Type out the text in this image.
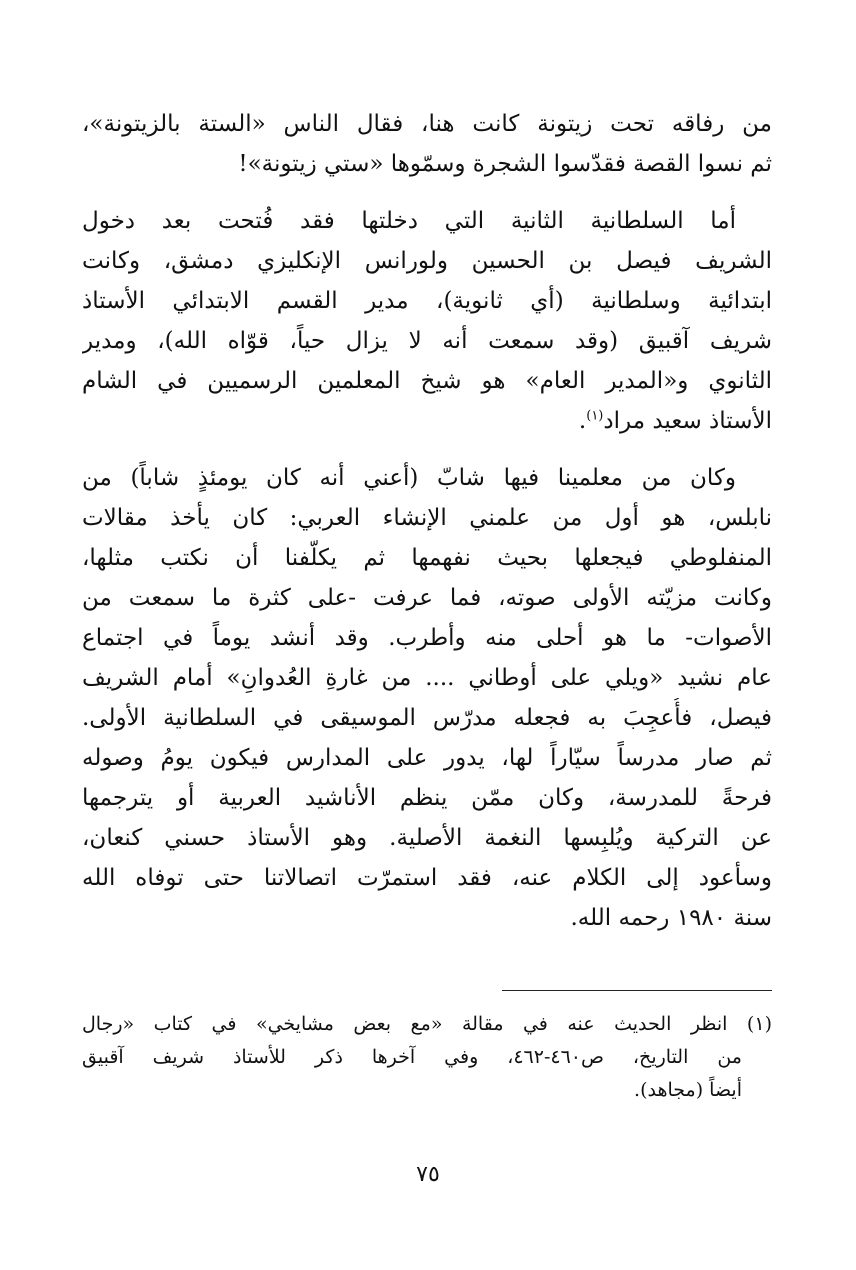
من رفاقه تحت زيتونة كانت هنا، فقال الناس «الستة بالزيتونة»،
ثم نسوا القصة فقدّسوا الشجرة وسمّوها «ستي زيتونة»!

أما السلطانية الثانية التي دخلتها فقد فُتحت بعد دخول
الشريف فيصل بن الحسين ولورانس الإنكليزي دمشق، وكانت
ابتدائية وسلطانية (أي ثانوية)، مدير القسم الابتدائي الأستاذ
شريف آقبيق (وقد سمعت أنه لا يزال حياً، قوّاه الله)، ومدير
الثانوي و«المدير العام» هو شيخ المعلمين الرسميين في الشام
الأستاذ سعيد مراد$^{(١)}$.

وكان من معلمينا فيها شابّ (أعني أنه كان يومئذٍ شاباً) من
نابلس، هو أول من علمني الإنشاء العربي: كان يأخذ مقالات
المنفلوطي فيجعلها بحيث نفهمها ثم يكلّفنا أن نكتب مثلها،
وكانت مزيّته الأولى صوته، فما عرفت -على كثرة ما سمعت من
الأصوات- ما هو أحلى منه وأطرب. وقد أنشد يوماً في اجتماع
عام نشيد «ويلي على أوطاني .... من غارةِ العُدوانِ» أمام الشريف
فيصل، فأُعجِبَ به فجعله مدرّس الموسيقى في السلطانية الأولى.
ثم صار مدرساً سيّاراً لها، يدور على المدارس فيكون يومُ وصوله
فرحةً للمدرسة، وكان ممّن ينظم الأناشيد العربية أو يترجمها
عن التركية ويُلبِسها النغمة الأصلية. وهو الأستاذ حسني كنعان،
وسأعود إلى الكلام عنه، فقد استمرّت اتصالاتنا حتى توفاه الله
سنة ١٩٨٠ رحمه الله.

(١) انظر الحديث عنه في مقالة «مع بعض مشايخي» في كتاب «رجال
من التاريخ، ص٤٦٠-٤٦٢، وفي آخرها ذكر للأستاذ شريف آقبيق
أيضاً (مجاهد).
٧٥
